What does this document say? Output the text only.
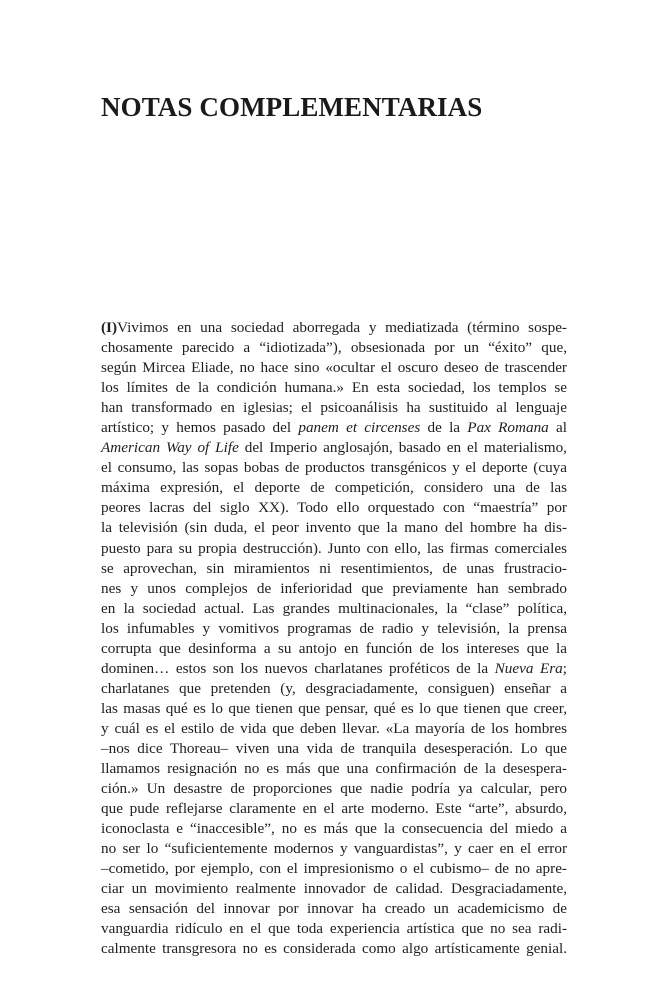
NOTAS COMPLEMENTARIAS
(I)Vivimos en una sociedad aborregada y mediatizada (término sospe-
chosamente parecido a “idiotizada”), obsesionada por un “éxito” que,
según Mircea Eliade, no hace sino «ocultar el oscuro deseo de trascender
los límites de la condición humana.» En esta sociedad, los templos se
han transformado en iglesias; el psicoanálisis ha sustituido al lenguaje
artístico; y hemos pasado del panem et circenses de la Pax Romana al
American Way of Life del Imperio anglosajón, basado en el materialismo,
el consumo, las sopas bobas de productos transgénicos y el deporte (cuya
máxima expresión, el deporte de competición, considero una de las
peores lacras del siglo XX). Todo ello orquestado con “maestría” por
la televisión (sin duda, el peor invento que la mano del hombre ha dis-
puesto para su propia destrucción). Junto con ello, las firmas comerciales
se aprovechan, sin miramientos ni resentimientos, de unas frustracio-
nes y unos complejos de inferioridad que previamente han sembrado
en la sociedad actual. Las grandes multinacionales, la “clase” política,
los infumables y vomitivos programas de radio y televisión, la prensa
corrupta que desinforma a su antojo en función de los intereses que la
dominen… estos son los nuevos charlatanes proféticos de la Nueva Era;
charlatanes que pretenden (y, desgraciadamente, consiguen) enseñar a
las masas qué es lo que tienen que pensar, qué es lo que tienen que creer,
y cuál es el estilo de vida que deben llevar. «La mayoría de los hombres
–nos dice Thoreau– viven una vida de tranquila desesperación. Lo que
llamamos resignación no es más que una confirmación de la desespera-
ción.» Un desastre de proporciones que nadie podría ya calcular, pero
que pude reflejarse claramente en el arte moderno. Este “arte”, absurdo,
iconoclasta e “inaccesible”, no es más que la consecuencia del miedo a
no ser lo “suficientemente modernos y vanguardistas”, y caer en el error
–cometido, por ejemplo, con el impresionismo o el cubismo– de no apre-
ciar un movimiento realmente innovador de calidad. Desgraciadamente,
esa sensación del innovar por innovar ha creado un academicismo de
vanguardia ridículo en el que toda experiencia artística que no sea radi-
calmente transgresora no es considerada como algo artísticamente genial.
